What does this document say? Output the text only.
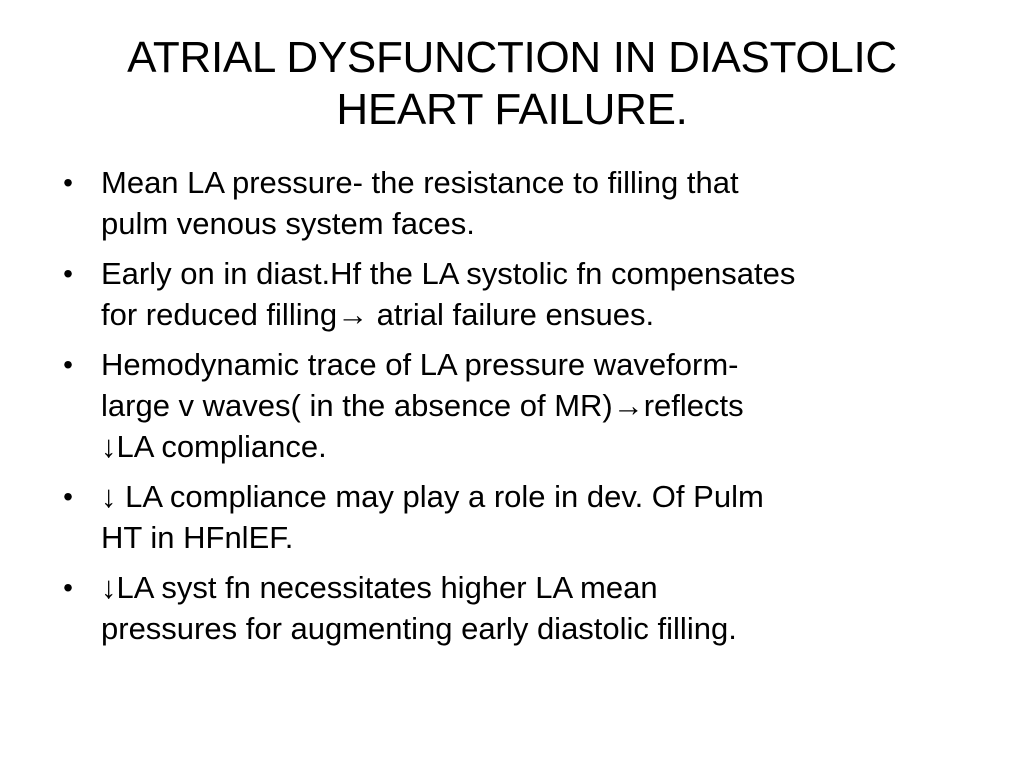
ATRIAL DYSFUNCTION IN DIASTOLIC
HEART FAILURE.
• Mean LA pressure- the resistance to filling that
pulm venous system faces.
• Early on in diast.Hf the LA systolic fn compensates
for reduced filling→ atrial failure ensues.
• Hemodynamic trace of LA pressure waveform-
large v waves( in the absence of MR)→reflects
↓LA compliance.
• ↓ LA compliance may play a role in dev. Of Pulm
HT in HFnlEF.
• ↓LA syst fn necessitates higher LA mean
pressures for augmenting early diastolic filling.
